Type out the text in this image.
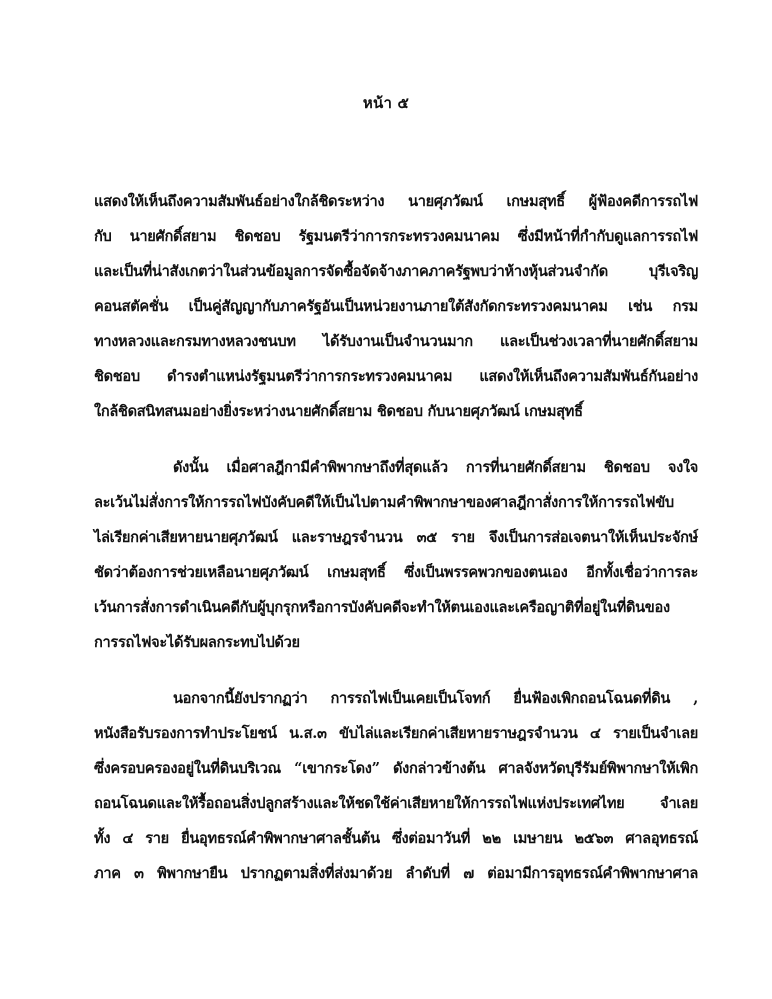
หน้า ๕
แสดงให้เห็นถึงความสัมพันธ์อย่างใกล้ชิดระหว่าง นายศุภวัฒน์ เกษมสุทธิ์ ผู้ฟ้องคดีการรถไฟ
กับ นายศักดิ์สยาม ชิดชอบ รัฐมนตรีว่าการกระทรวงคมนาคม ซึ่งมีหน้าที่กำกับดูแลการรถไฟ
และเป็นที่น่าสังเกตว่าในส่วนข้อมูลการจัดซื้อจัดจ้างภาคภาครัฐพบว่าห้างหุ้นส่วนจำกัด บุรีเจริญ
คอนสตัคชั่น เป็นคู่สัญญากับภาครัฐอันเป็นหน่วยงานภายใต้สังกัดกระทรวงคมนาคม เช่น กรม
ทางหลวงและกรมทางหลวงชนบท ได้รับงานเป็นจำนวนมาก และเป็นช่วงเวลาที่นายศักดิ์สยาม
ชิดชอบ ดำรงตำแหน่งรัฐมนตรีว่าการกระทรวงคมนาคม แสดงให้เห็นถึงความสัมพันธ์กันอย่าง
ใกล้ชิดสนิทสนมอย่างยิ่งระหว่างนายศักดิ์สยาม ชิดชอบ กับนายศุภวัฒน์ เกษมสุทธิ์
ดังนั้น เมื่อศาลฎีกามีคำพิพากษาถึงที่สุดแล้ว การที่นายศักดิ์สยาม ชิดชอบ จงใจ
ละเว้นไม่สั่งการให้การรถไฟบังคับคดีให้เป็นไปตามคำพิพากษาของศาลฎีกาสั่งการให้การรถไฟขับ
ไล่เรียกค่าเสียหายนายศุภวัฒน์ และราษฎรจำนวน ๓๕ ราย จึงเป็นการส่อเจตนาให้เห็นประจักษ์
ชัดว่าต้องการช่วยเหลือนายศุภวัฒน์ เกษมสุทธิ์ ซึ่งเป็นพรรคพวกของตนเอง อีกทั้งเชื่อว่าการละ
เว้นการสั่งการดำเนินคดีกับผู้บุกรุกหรือการบังคับคดีจะทำให้ตนเองและเครือญาติที่อยู่ในที่ดินของ
การรถไฟจะได้รับผลกระทบไปด้วย
นอกจากนี้ยังปรากฏว่า การรถไฟเป็นเคยเป็นโจทก์ ยื่นฟ้องเพิกถอนโฉนดที่ดิน ,
หนังสือรับรองการทำประโยชน์ น.ส.๓ ขับไล่และเรียกค่าเสียหายราษฎรจำนวน ๔ รายเป็นจำเลย
ซึ่งครอบครองอยู่ในที่ดินบริเวณ “เขากระโดง” ดังกล่าวข้างต้น ศาลจังหวัดบุรีรัมย์พิพากษาให้เพิก
ถอนโฉนดและให้รื้อถอนสิ่งปลูกสร้างและให้ชดใช้ค่าเสียหายให้การรถไฟแห่งประเทศไทย จำเลย
ทั้ง ๔ ราย ยื่นอุทธรณ์คำพิพากษาศาลชั้นต้น ซึ่งต่อมาวันที่ ๒๒ เมษายน ๒๕๖๓ ศาลอุทธรณ์
ภาค ๓ พิพากษายืน ปรากฏตามสิ่งที่ส่งมาด้วย ลำดับที่ ๗ ต่อมามีการอุทธรณ์คำพิพากษาศาล
